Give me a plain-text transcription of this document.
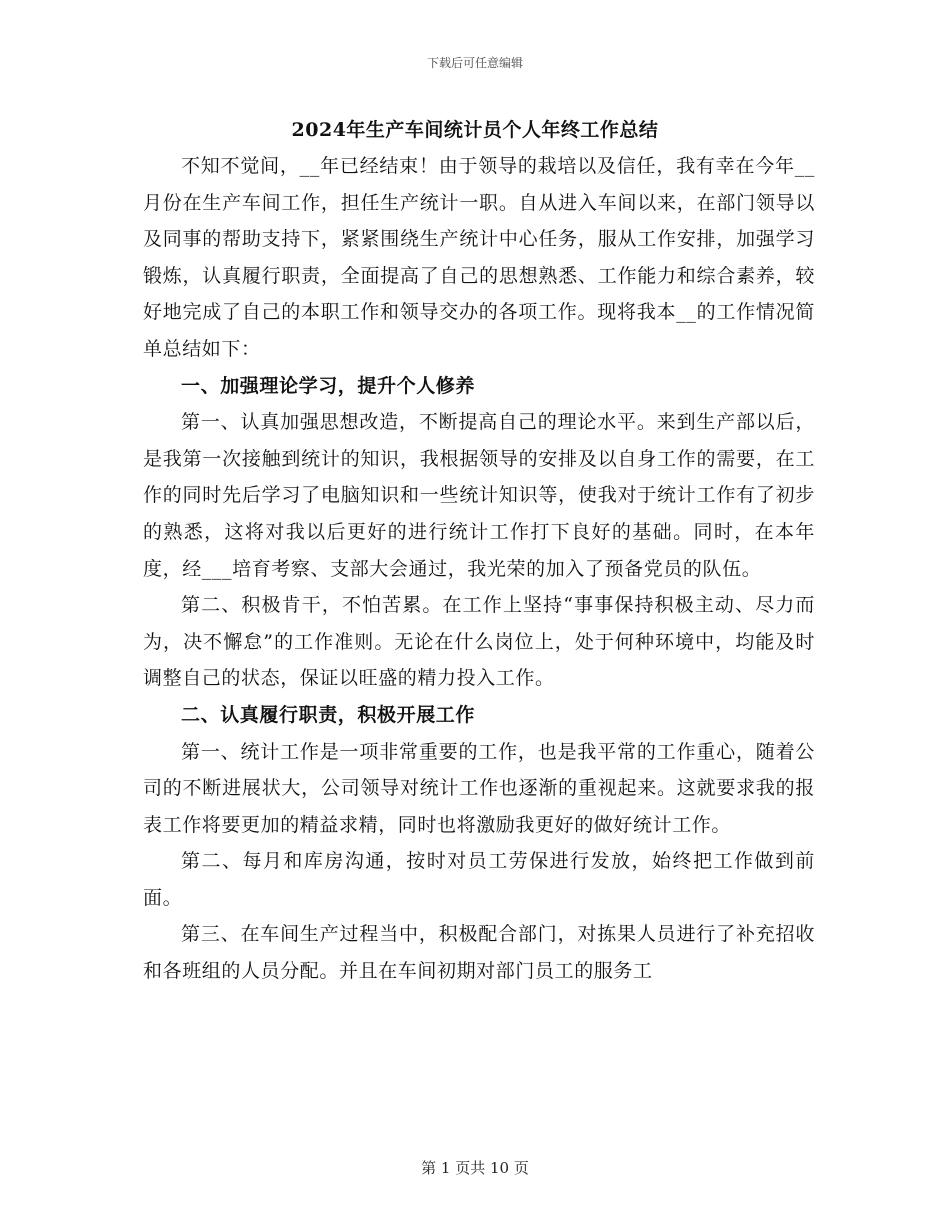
下载后可任意编辑
2024年生产车间统计员个人年终工作总结

不知不觉间，__年已经结束！由于领导的栽培以及信任，我有幸在今年__月份在生产车间工作，担任生产统计一职。自从进入车间以来，在部门领导以及同事的帮助支持下，紧紧围绕生产统计中心任务，服从工作安排，加强学习锻炼，认真履行职责，全面提高了自己的思想熟悉、工作能力和综合素养，较好地完成了自己的本职工作和领导交办的各项工作。现将我本__的工作情况简单总结如下：

一、加强理论学习，提升个人修养

第一、认真加强思想改造，不断提高自己的理论水平。来到生产部以后，是我第一次接触到统计的知识，我根据领导的安排及以自身工作的需要，在工作的同时先后学习了电脑知识和一些统计知识等，使我对于统计工作有了初步的熟悉，这将对我以后更好的进行统计工作打下良好的基础。同时，在本年度，经___培育考察、支部大会通过，我光荣的加入了预备党员的队伍。

第二、积极肯干，不怕苦累。在工作上坚持“事事保持积极主动、尽力而为，决不懈怠”的工作准则。无论在什么岗位上，处于何种环境中，均能及时调整自己的状态，保证以旺盛的精力投入工作。

二、认真履行职责，积极开展工作

第一、统计工作是一项非常重要的工作，也是我平常的工作重心，随着公司的不断进展状大，公司领导对统计工作也逐渐的重视起来。这就要求我的报表工作将要更加的精益求精，同时也将激励我更好的做好统计工作。

第二、每月和库房沟通，按时对员工劳保进行发放，始终把工作做到前面。

第三、在车间生产过程当中，积极配合部门，对拣果人员进行了补充招收和各班组的人员分配。并且在车间初期对部门员工的服务工

第 1 页共 10 页
